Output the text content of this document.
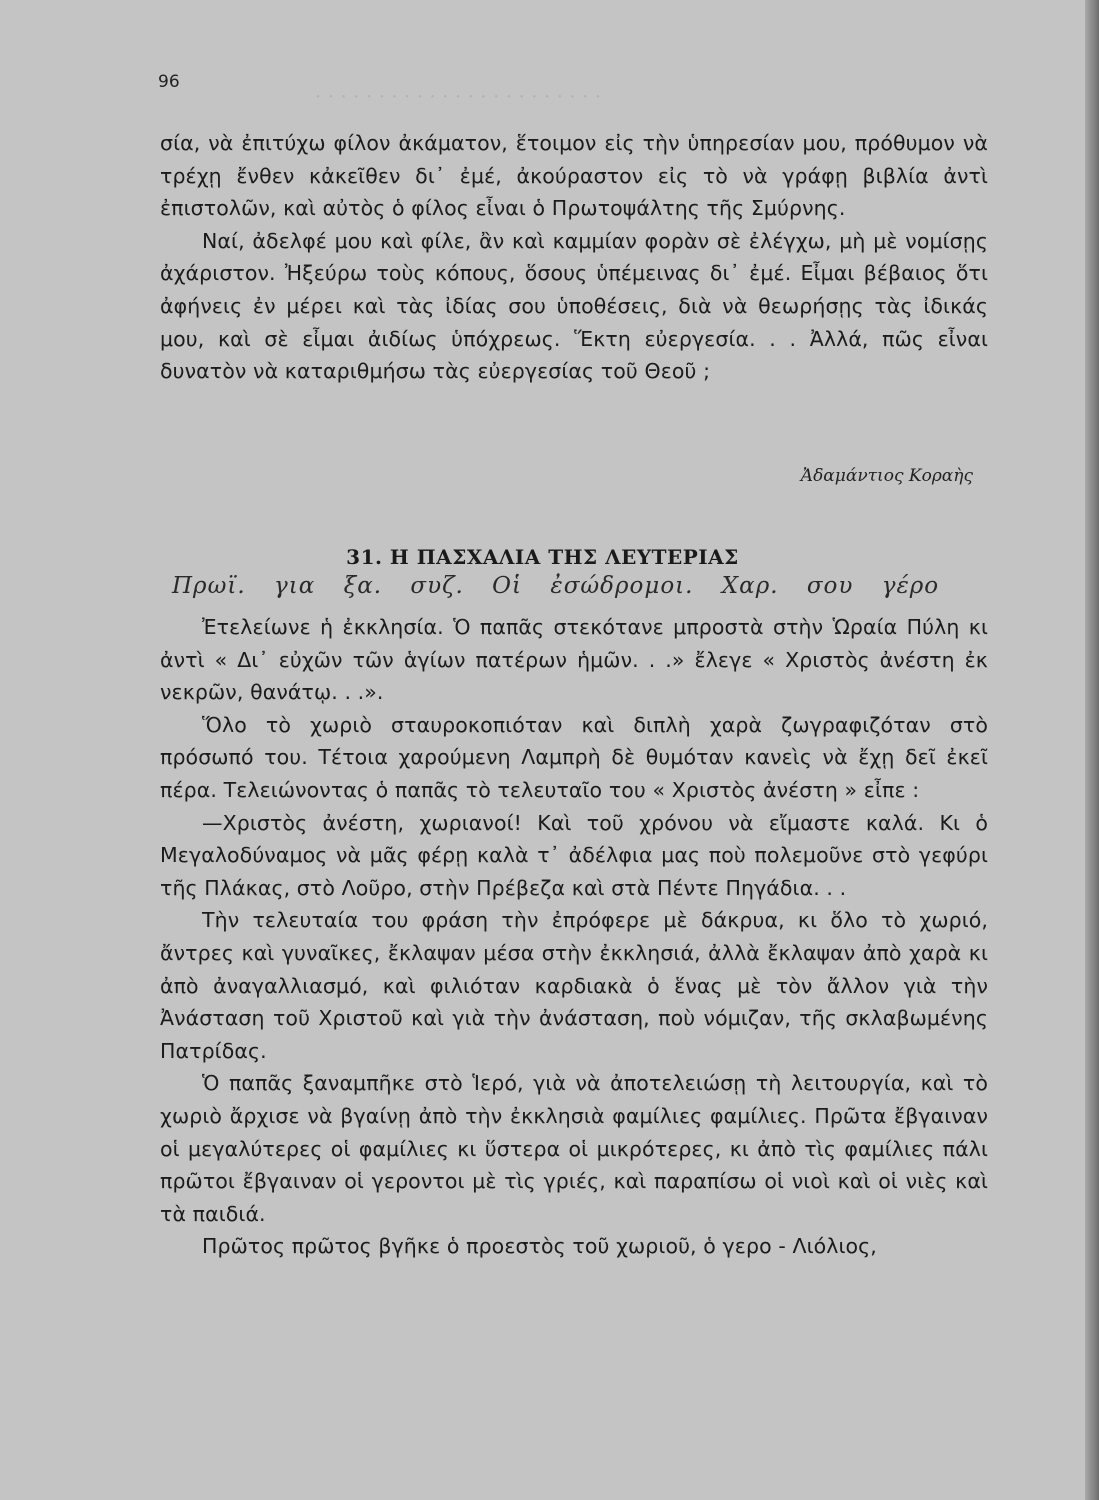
· · · · · · · · · · · · · · · · · · · · · · ·
96

σία, νὰ ἐπιτύχω φίλον ἀκάματον, ἕτοιμον εἰς τὴν ὑπηρεσίαν μου, πρόθυμον νὰ τρέχῃ ἔνθεν κἀκεῖθεν δι᾿ ἐμέ, ἀκούραστον εἰς τὸ νὰ γράφῃ βιβλία ἀντὶ ἐπιστολῶν, καὶ αὐτὸς ὁ φίλος εἶναι ὁ Πρωτοψάλτης τῆς Σμύρνης.

Ναί, ἀδελφέ μου καὶ φίλε, ἂν καὶ καμμίαν φορὰν σὲ ἐλέγχω, μὴ μὲ νομίσῃς ἀχάριστον. Ἠξεύρω τοὺς κόπους, ὅσους ὑπέμεινας δι᾿ ἐμέ. Εἶμαι βέβαιος ὅτι ἀφήνεις ἐν μέρει καὶ τὰς ἰδίας σου ὑποθέσεις, διὰ νὰ θεωρήσῃς τὰς ἰδικάς μου, καὶ σὲ εἶμαι ἀιδίως ὑπόχρεως. Ἕκτη εὐεργεσία. . . Ἀλλά, πῶς εἶναι δυνατὸν νὰ καταριθμήσω τὰς εὐεργεσίας τοῦ Θεοῦ ;

Ἀδαμάντιος Κοραὴς
31. Η ΠΑΣΧΑΛΙΑ ΤΗΣ ΛΕΥΤΕΡΙΑΣ
Πρωϊ. για ξα. συζ. Οἱ ἐσώδρομοι. Χαρ. σου γέρο

Ἐτελείωνε ἡ ἐκκλησία. Ὁ παπᾶς στεκότανε μπροστὰ στὴν Ὡραία Πύλη κι ἀντὶ « Δι᾿ εὐχῶν τῶν ἁγίων πατέρων ἡμῶν. . .» ἔλεγε « Χριστὸς ἀνέστη ἐκ νεκρῶν, θανάτῳ. . .».

Ὅλο τὸ χωριὸ σταυροκοπιόταν καὶ διπλὴ χαρὰ ζωγραφιζόταν στὸ πρόσωπό του. Τέτοια χαρούμενη Λαμπρὴ δὲ θυμόταν κανεὶς νὰ ἔχῃ δεῖ ἐκεῖ πέρα. Τελειώνοντας ὁ παπᾶς τὸ τελευταῖο του « Χριστὸς ἀνέστη » εἶπε :

—Χριστὸς ἀνέστη, χωριανοί! Καὶ τοῦ χρόνου νὰ εἴμαστε καλά. Κι ὁ Μεγαλοδύναμος νὰ μᾶς φέρῃ καλὰ τ᾿ ἀδέλφια μας ποὺ πολεμοῦνε στὸ γεφύρι τῆς Πλάκας, στὸ Λοῦρο, στὴν Πρέβεζα καὶ στὰ Πέντε Πηγάδια. . .

Τὴν τελευταία του φράση τὴν ἐπρόφερε μὲ δάκρυα, κι ὅλο τὸ χωριό, ἄντρες καὶ γυναῖκες, ἔκλαψαν μέσα στὴν ἐκκλησιά, ἀλλὰ ἔκλαψαν ἀπὸ χαρὰ κι ἀπὸ ἀναγαλλιασμό, καὶ φιλιόταν καρδιακὰ ὁ ἕνας μὲ τὸν ἄλλον γιὰ τὴν Ἀνάσταση τοῦ Χριστοῦ καὶ γιὰ τὴν ἀνάσταση, ποὺ νόμιζαν, τῆς σκλαβωμένης Πατρίδας.

Ὁ παπᾶς ξαναμπῆκε στὸ Ἱερό, γιὰ νὰ ἀποτελειώσῃ τὴ λειτουργία, καὶ τὸ χωριὸ ἄρχισε νὰ βγαίνῃ ἀπὸ τὴν ἐκκλησιὰ φαμίλιες φαμίλιες. Πρῶτα ἔβγαιναν οἱ μεγαλύτερες οἱ φαμίλιες κι ὕστερα οἱ μικρότερες, κι ἀπὸ τὶς φαμίλιες πάλι πρῶτοι ἔβγαιναν οἱ γεροντοι μὲ τὶς γριές, καὶ παραπίσω οἱ νιοὶ καὶ οἱ νιὲς καὶ τὰ παιδιά.

Πρῶτος πρῶτος βγῆκε ὁ προεστὸς τοῦ χωριοῦ, ὁ γερο - Λιόλιος,
